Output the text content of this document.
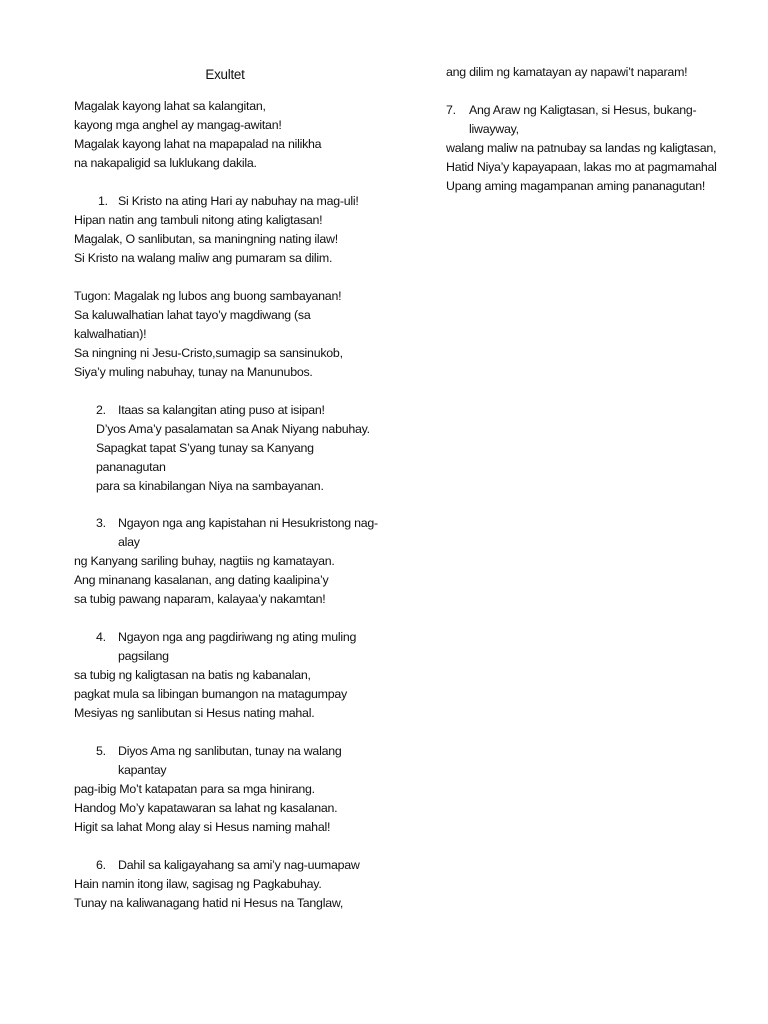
Exultet
Magalak kayong lahat sa kalangitan,
kayong mga anghel ay mangag-awitan!
Magalak kayong lahat na mapapalad na nilikha
na nakapaligid sa luklukang dakila.
1. Si Kristo na ating Hari ay nabuhay na mag-uli!
Hipan natin ang tambuli nitong ating kaligtasan!
Magalak, O sanlibutan, sa maningning nating ilaw!
Si Kristo na walang maliw ang pumaram sa dilim.
Tugon: Magalak ng lubos ang buong sambayanan!
Sa kaluwalhatian lahat tayo’y magdiwang (sa
kalwalhatian)!
Sa ningning ni Jesu-Cristo,sumagip sa sansinukob,
Siya’y muling nabuhay, tunay na Manunubos.
2. Itaas sa kalangitan ating puso at isipan!
D’yos Ama’y pasalamatan sa Anak Niyang nabuhay.
Sapagkat tapat S’yang tunay sa Kanyang
pananagutan
para sa kinabilangan Niya na sambayanan.
3. Ngayon nga ang kapistahan ni Hesukristong nag-
alay
ng Kanyang sariling buhay, nagtiis ng kamatayan.
Ang minanang kasalanan, ang dating kaalipina’y
sa tubig pawang naparam, kalayaa’y nakamtan!
4. Ngayon nga ang pagdiriwang ng ating muling
pagsilang
sa tubig ng kaligtasan na batis ng kabanalan,
pagkat mula sa libingan bumangon na matagumpay
Mesiyas ng sanlibutan si Hesus nating mahal.
5. Diyos Ama ng sanlibutan, tunay na walang
kapantay
pag-ibig Mo’t katapatan para sa mga hinirang.
Handog Mo’y kapatawaran sa lahat ng kasalanan.
Higit sa lahat Mong alay si Hesus naming mahal!
6. Dahil sa kaligayahang sa ami’y nag-uumapaw
Hain namin itong ilaw, sagisag ng Pagkabuhay.
Tunay na kaliwanagang hatid ni Hesus na Tanglaw,
ang dilim ng kamatayan ay napawi’t naparam!
7. Ang Araw ng Kaligtasan, si Hesus, bukang-
liwayway,
walang maliw na patnubay sa landas ng kaligtasan,
Hatid Niya’y kapayapaan, lakas mo at pagmamahal
Upang aming magampanan aming pananagutan!
